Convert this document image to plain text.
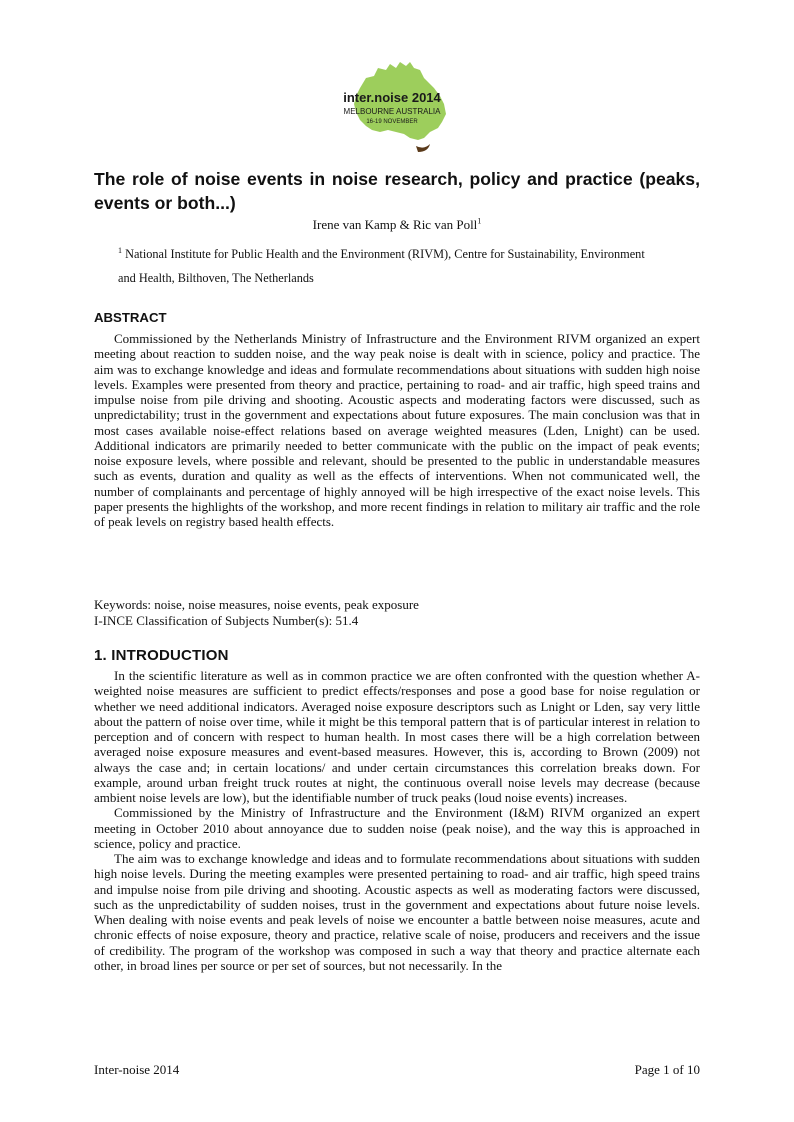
inter.noise 2014
MELBOURNE AUSTRALIA
16-19 NOVEMBER
The role of noise events in noise research, policy and practice (peaks, events or both...)

Irene van Kamp & Ric van Poll$^1$

$^1$ National Institute for Public Health and the Environment (RIVM), Centre for Sustainability, Environment

and Health, Bilthoven, The Netherlands

ABSTRACT

Commissioned by the Netherlands Ministry of Infrastructure and the Environment RIVM organized an expert meeting about reaction to sudden noise, and the way peak noise is dealt with in science, policy and practice. The aim was to exchange knowledge and ideas and formulate recommendations about situations with sudden high noise levels. Examples were presented from theory and practice, pertaining to road- and air traffic, high speed trains and impulse noise from pile driving and shooting. Acoustic aspects and moderating factors were discussed, such as unpredictability; trust in the government and expectations about future exposures. The main conclusion was that in most cases available noise-effect relations based on average weighted measures (Lden, Lnight) can be used. Additional indicators are primarily needed to better communicate with the public on the impact of peak events; noise exposure levels, where possible and relevant, should be presented to the public in understandable measures such as events, duration and quality as well as the effects of interventions. When not communicated well, the number of complainants and percentage of highly annoyed will be high irrespective of the exact noise levels. This paper presents the highlights of the workshop, and more recent findings in relation to military air traffic and the role of peak levels on registry based health effects.

Keywords: noise, noise measures, noise events, peak exposure
I-INCE Classification of Subjects Number(s): 51.4
1. INTRODUCTION

In the scientific literature as well as in common practice we are often confronted with the question whether A-weighted noise measures are sufficient to predict effects/responses and pose a good base for noise regulation or whether we need additional indicators. Averaged noise exposure descriptors such as Lnight or Lden, say very little about the pattern of noise over time, while it might be this temporal pattern that is of particular interest in relation to perception and of concern with respect to human health. In most cases there will be a high correlation between averaged noise exposure measures and event-based measures. However, this is, according to Brown (2009) not always the case and; in certain locations/ and under certain circumstances this correlation breaks down. For example, around urban freight truck routes at night, the continuous overall noise levels may decrease (because ambient noise levels are low), but the identifiable number of truck peaks (loud noise events) increases.

Commissioned by the Ministry of Infrastructure and the Environment (I&M) RIVM organized an expert meeting in October 2010 about annoyance due to sudden noise (peak noise), and the way this is approached in science, policy and practice.

The aim was to exchange knowledge and ideas and to formulate recommendations about situations with sudden high noise levels. During the meeting examples were presented pertaining to road- and air traffic, high speed trains and impulse noise from pile driving and shooting. Acoustic aspects as well as moderating factors were discussed, such as the unpredictability of sudden noises, trust in the government and expectations about future noise levels. When dealing with noise events and peak levels of noise we encounter a battle between noise measures, acute and chronic effects of noise exposure, theory and practice, relative scale of noise, producers and receivers and the issue of credibility. The program of the workshop was composed in such a way that theory and practice alternate each other, in broad lines per source or per set of sources, but not necessarily. In the

Inter-noise 2014	Page 1 of 10
